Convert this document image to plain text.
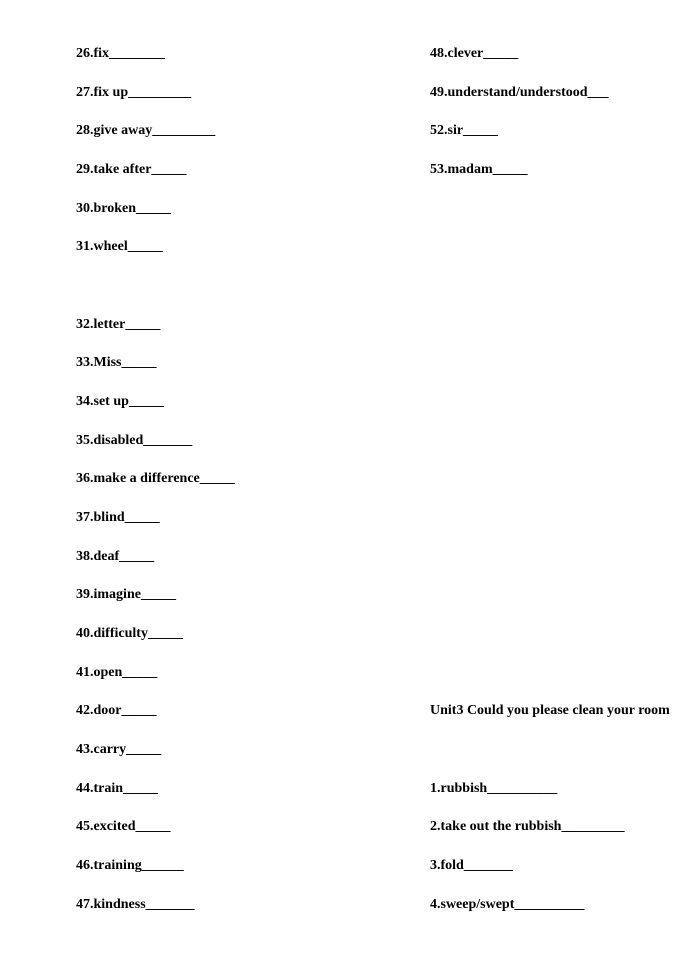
26.fix________
27.fix up_________
28.give away_________
29.take after_____
30.broken_____
31.wheel_____
32.letter_____
33.Miss_____
34.set up_____
35.disabled_______
36.make a difference_____
37.blind_____
38.deaf_____
39.imagine_____
40.difficulty_____
41.open_____
42.door_____
43.carry_____
44.train_____
45.excited_____
46.training______
47.kindness_______
48.clever_____
49.understand/understood___
52.sir_____
53.madam_____
Unit3 Could you please clean your room
1.rubbish__________
2.take out the rubbish_________
3.fold_______
4.sweep/swept__________
